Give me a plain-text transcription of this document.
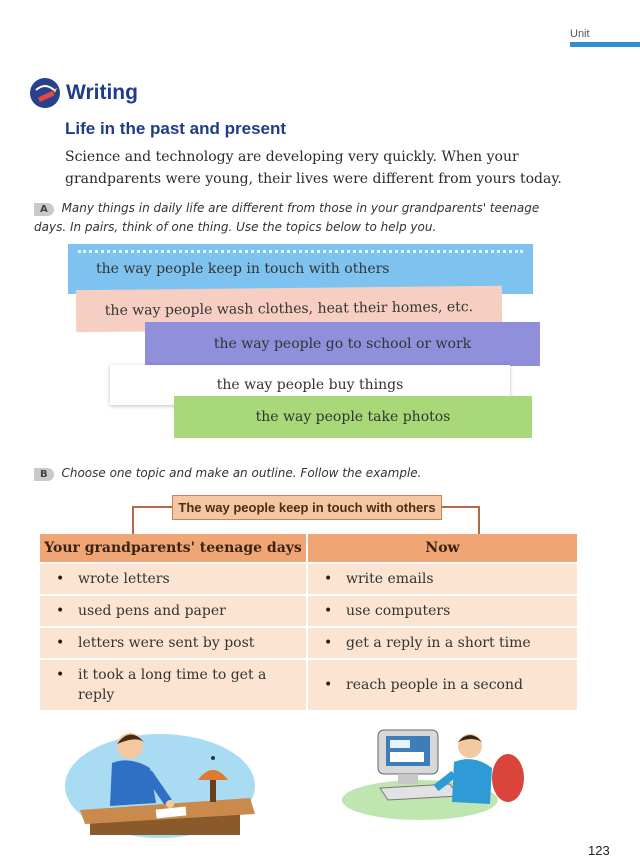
Unit
Writing
Life in the past and present
Science and technology are developing very quickly. When your grandparents were young, their lives were different from yours today.
A Many things in daily life are different from those in your grandparents' teenage days. In pairs, think of one thing. Use the topics below to help you.
the way people keep in touch with others
the way people wash clothes, heat their homes, etc.
the way people go to school or work
the way people buy things
the way people take photos
B Choose one topic and make an outline. Follow the example.
The way people keep in touch with others
Your grandparents' teenage days	Now
• wrote letters	• write emails
• used pens and paper	• use computers
• letters were sent by post	• get a reply in a short time
• it took a long time to get a reply	• reach people in a second
123
